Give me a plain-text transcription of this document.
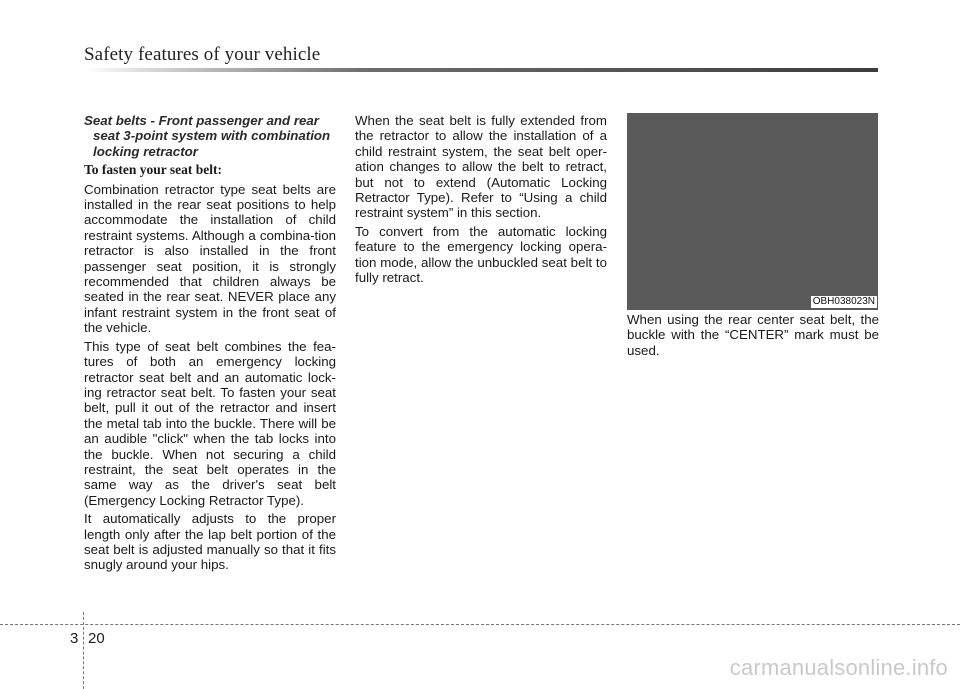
Safety features of your vehicle

Seat belts - Front passenger and rear
seat 3-point system with combination
locking retractor

To fasten your seat belt:

Combination retractor type seat belts are installed in the rear seat positions to help accommodate the installation of child restraint systems. Although a combina-tion retractor is also installed in the front passenger seat position, it is strongly recommended that children always be seated in the rear seat. NEVER place any infant restraint system in the front seat of the vehicle.

This type of seat belt combines the fea-tures of both an emergency locking retractor seat belt and an automatic lock-ing retractor seat belt. To fasten your seat belt, pull it out of the retractor and insert the metal tab into the buckle. There will be an audible "click" when the tab locks into the buckle. When not securing a child restraint, the seat belt operates in the same way as the driver's seat belt (Emergency Locking Retractor Type).

It automatically adjusts to the proper length only after the lap belt portion of the seat belt is adjusted manually so that it fits snugly around your hips.

When the seat belt is fully extended from the retractor to allow the installation of a child restraint system, the seat belt oper-ation changes to allow the belt to retract, but not to extend (Automatic Locking Retractor Type). Refer to “Using a child restraint system” in this section.

To convert from the automatic locking feature to the emergency locking opera-tion mode, allow the unbuckled seat belt to fully retract.

OBH038023N

When using the rear center seat belt, the buckle with the “CENTER” mark must be used.

3 20
carmanualsonline.info
